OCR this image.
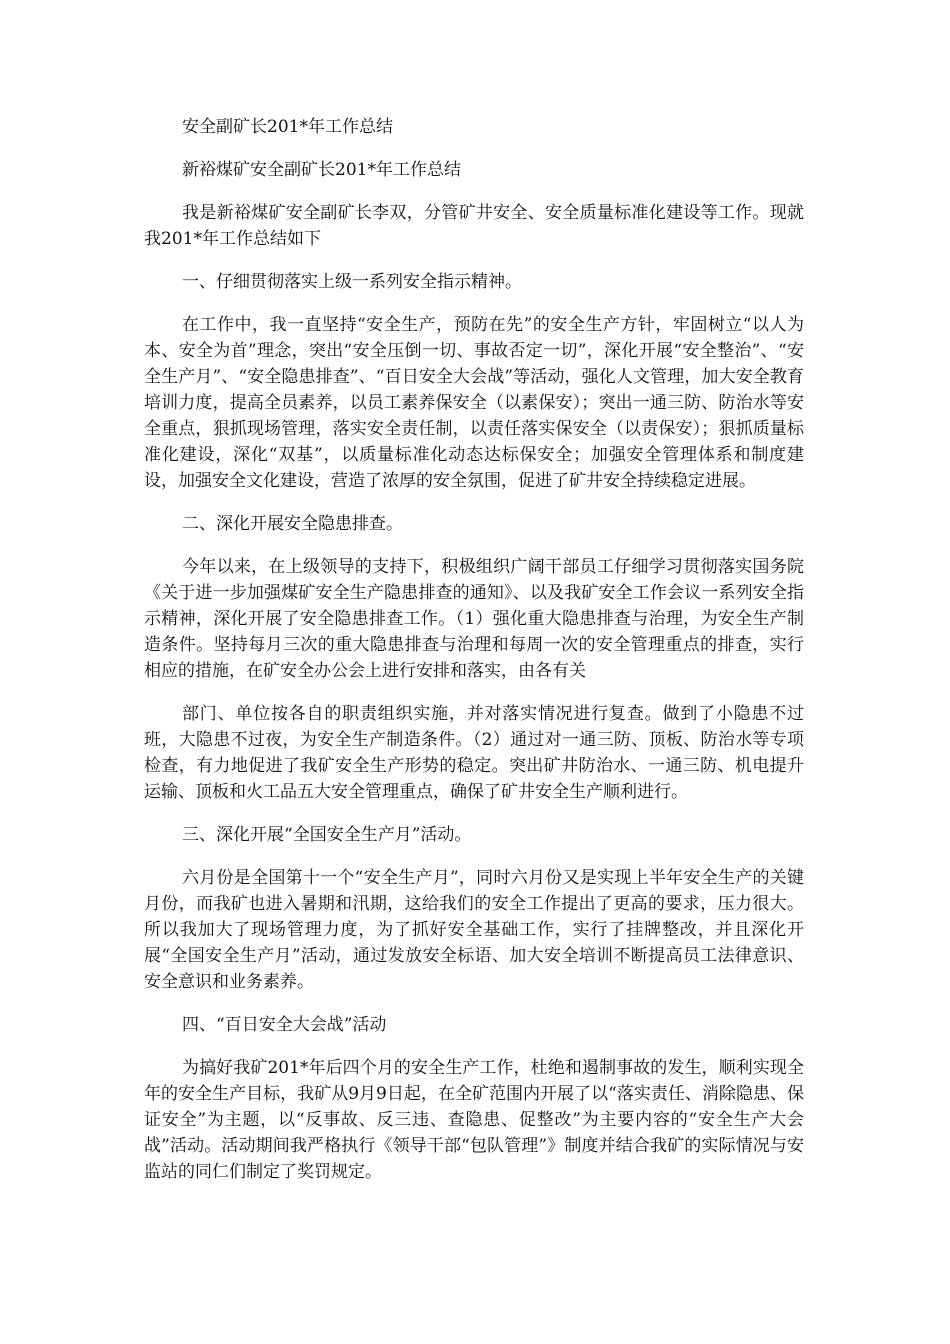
安全副矿长201*年工作总结

新裕煤矿安全副矿长201*年工作总结

我是新裕煤矿安全副矿长李双，分管矿井安全、安全质量标准化建设等工作。现就我201*年工作总结如下

一、仔细贯彻落实上级一系列安全指示精神。

在工作中，我一直坚持“安全生产，预防在先”的安全生产方针，牢固树立“以人为本、安全为首”理念，突出“安全压倒一切、事故否定一切”，深化开展“安全整治”、“安全生产月”、“安全隐患排查”、“百日安全大会战”等活动，强化人文管理，加大安全教育培训力度，提高全员素养，以员工素养保安全（以素保安）；突出一通三防、防治水等安全重点，狠抓现场管理，落实安全责任制，以责任落实保安全（以责保安）；狠抓质量标准化建设，深化“双基”，以质量标准化动态达标保安全；加强安全管理体系和制度建设，加强安全文化建设，营造了浓厚的安全氛围，促进了矿井安全持续稳定进展。

二、深化开展安全隐患排查。

今年以来，在上级领导的支持下，积极组织广阔干部员工仔细学习贯彻落实国务院《关于进一步加强煤矿安全生产隐患排查的通知》、以及我矿安全工作会议一系列安全指示精神，深化开展了安全隐患排查工作。（1）强化重大隐患排查与治理，为安全生产制造条件。坚持每月三次的重大隐患排查与治理和每周一次的安全管理重点的排查，实行相应的措施，在矿安全办公会上进行安排和落实，由各有关

部门、单位按各自的职责组织实施，并对落实情况进行复查。做到了小隐患不过班，大隐患不过夜，为安全生产制造条件。（2）通过对一通三防、顶板、防治水等专项检查，有力地促进了我矿安全生产形势的稳定。突出矿井防治水、一通三防、机电提升运输、顶板和火工品五大安全管理重点，确保了矿井安全生产顺利进行。

三、深化开展“全国安全生产月”活动。

六月份是全国第十一个“安全生产月”，同时六月份又是实现上半年安全生产的关键月份，而我矿也进入暑期和汛期，这给我们的安全工作提出了更高的要求，压力很大。所以我加大了现场管理力度，为了抓好安全基础工作，实行了挂牌整改，并且深化开展“全国安全生产月”活动，通过发放安全标语、加大安全培训不断提高员工法律意识、安全意识和业务素养。

四、“百日安全大会战”活动

为搞好我矿201*年后四个月的安全生产工作，杜绝和遏制事故的发生，顺利实现全年的安全生产目标，我矿从9月9日起，在全矿范围内开展了以“落实责任、消除隐患、保证安全”为主题，以“反事故、反三违、查隐患、促整改”为主要内容的“安全生产大会战”活动。活动期间我严格执行《领导干部“包队管理”》制度并结合我矿的实际情况与安监站的同仁们制定了奖罚规定。
